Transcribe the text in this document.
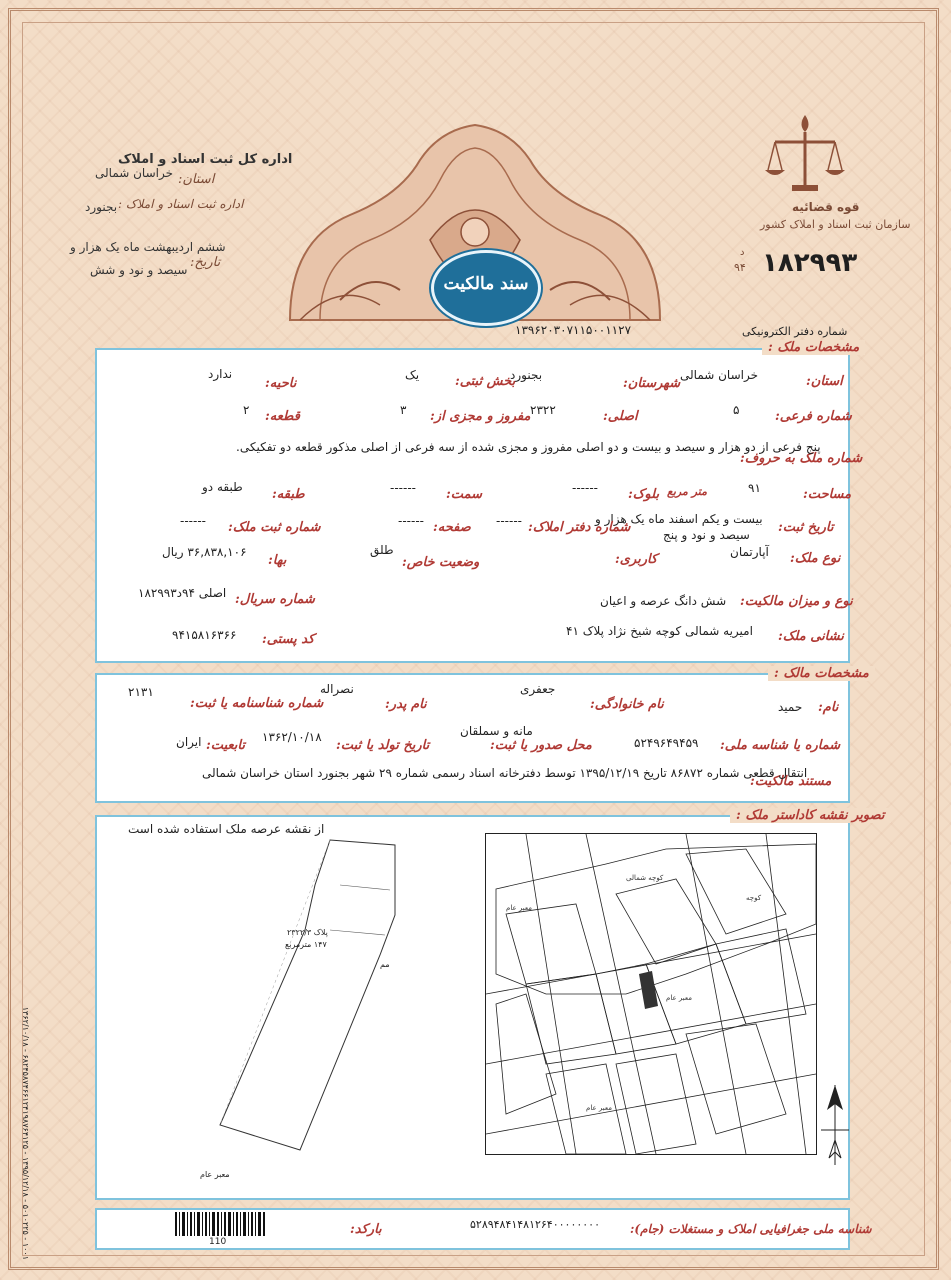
سند مالکیت
اداره کل ثبت اسناد و املاک
استان:
خراسان شمالی
اداره ثبت اسناد و املاک :
بجنورد
تاریخ:
ششم اردیبهشت ماه یک هزار و
سیصد و نود و شش
قوه قضائیه
سازمان ثبت اسناد و املاک کشور
د
۹۴ ۱۸۲۹۹۳
شماره دفتر الکترونیکی
۱۳۹۶۲۰۳۰۷۱۱۵۰۰۱۱۲۷
مشخصات ملک :
استان:
خراسان شمالی
شهرستان:
بجنورد
بخش ثبتی:
یک
ناحیه:
ندارد
شماره فرعی:
۵
اصلی:
۲۳۲۲
مفروز و مجزی از:
۳
قطعه:
۲
شماره ملک به حروف:
پنج فرعی از دو هزار و سیصد و بیست و دو اصلی مفروز و مجزی شده از سه فرعی از اصلی مذکور قطعه دو تفکیکی.
مساحت:
۹۱
متر مربع
بلوک:
------
سمت:
------
طبقه:
طبقه دو
تاریخ ثبت:
بیست و یکم اسفند ماه یک هزار و
سیصد و نود و پنج
شماره دفتر املاک:
------
صفحه:
------
شماره ثبت ملک:
------
نوع ملک:
آپارتمان
کاربری:
وضعیت خاص:
طلق
بها:
۳۶,۸۳۸,۱۰۶ ریال
نوع و میزان مالکیت:
شش دانگ عرصه و اعیان
شماره سریال:
اصلی ۹۴د۱۸۲۹۹۳
نشانی ملک:
امیریه شمالی کوچه شیخ نژاد پلاک ۴۱
کد پستی:
۹۴۱۵۸۱۶۳۶۶
مشخصات مالک :
نام:
حمید
نام خانوادگی:
جعفری
نام پدر:
نصراله
شماره شناسنامه یا ثبت:
۲۱۳۱
شماره یا شناسه ملی:
۵۲۴۹۶۴۹۴۵۹
محل صدور یا ثبت:
مانه و سملقان
تاریخ تولد یا ثبت:
۱۳۶۲/۱۰/۱۸
تابعیت:
ایران
مستند مالکیت:
انتقال قطعی شماره ۸۶۸۷۲ تاریخ ۱۳۹۵/۱۲/۱۹ توسط دفترخانه اسناد رسمی شماره ۲۹ شهر بجنورد استان خراسان شمالی
تصویر نقشه کاداستر ملک :
از نقشه عرصه ملک استفاده شده است
پلاک ۲۳۲۲/۳
۱۴۷ مترمربع
مم
معبر عام
۱۰۰۱ - ۵۰۱۰۲۲۵ - ۱۳۹۵/۱۲/۱۸ - ۶۸۲۴۵۸۷۴۶۶۱۲۴۱۹۸۷۶۴۱۲۵ - ۱۳۶۲/۱۰/۱۸
کوچه شمالی
معبر عام
معبر عام
کوچه
معبر عام
شناسه ملی جغرافیایی املاک و مستغلات (جام):
۵۲۸۹۴۸۴۱۴۸۱۲۶۴۰۰۰۰۰۰۰۰
بارکد:
110
